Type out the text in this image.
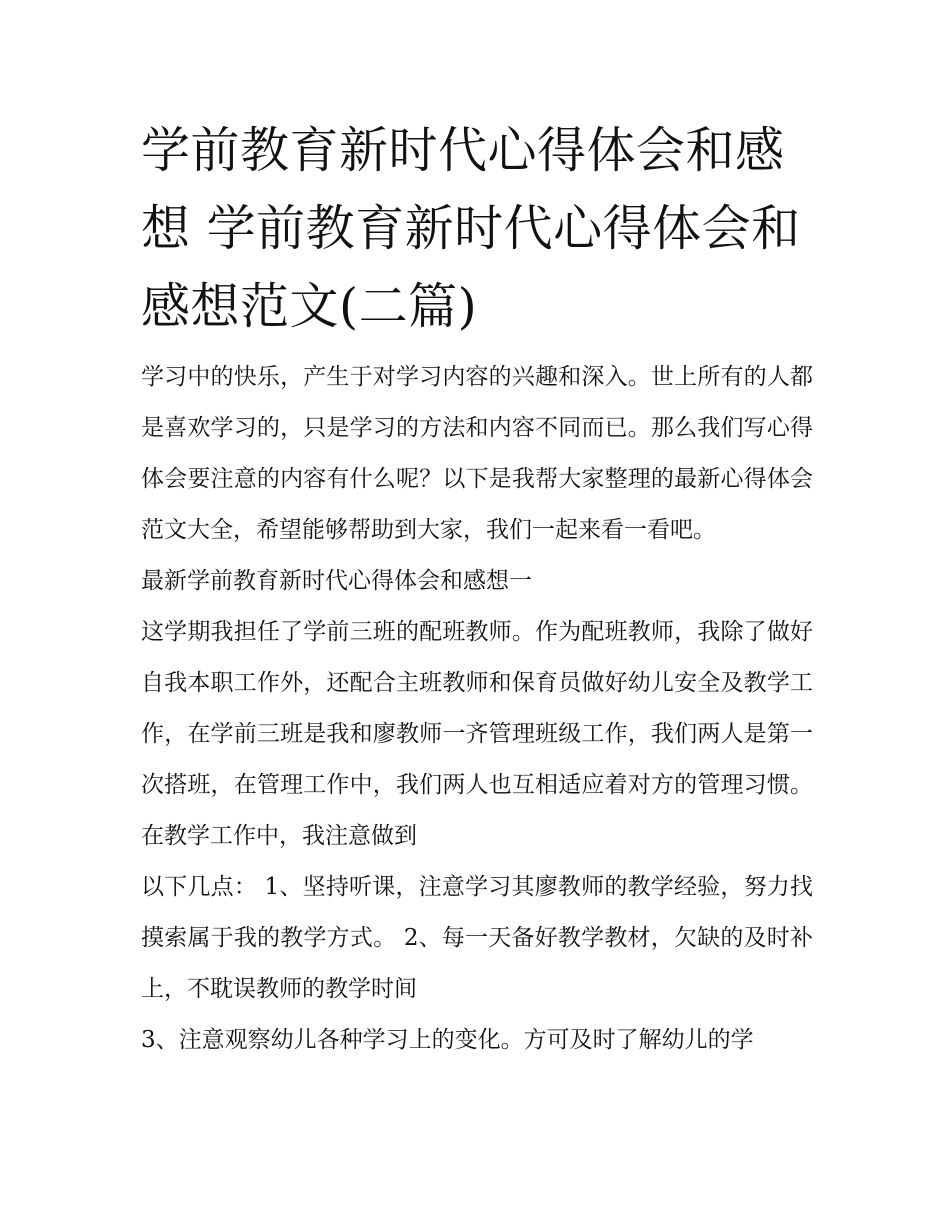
学前教育新时代心得体会和感想 学前教育新时代心得体会和感想范文(二篇)

学习中的快乐，产生于对学习内容的兴趣和深入。世上所有的人都是喜欢学习的，只是学习的方法和内容不同而已。那么我们写心得体会要注意的内容有什么呢？以下是我帮大家整理的最新心得体会范文大全，希望能够帮助到大家，我们一起来看一看吧。

最新学前教育新时代心得体会和感想一

这学期我担任了学前三班的配班教师。作为配班教师，我除了做好自我本职工作外，还配合主班教师和保育员做好幼儿安全及教学工作，在学前三班是我和廖教师一齐管理班级工作，我们两人是第一次搭班，在管理工作中，我们两人也互相适应着对方的管理习惯。在教学工作中，我注意做到

以下几点： 1、坚持听课，注意学习其廖教师的教学经验，努力找摸索属于我的教学方式。 2、每一天备好教学教材，欠缺的及时补上，不耽误教师的教学时间

3、注意观察幼儿各种学习上的变化。方可及时了解幼儿的学
